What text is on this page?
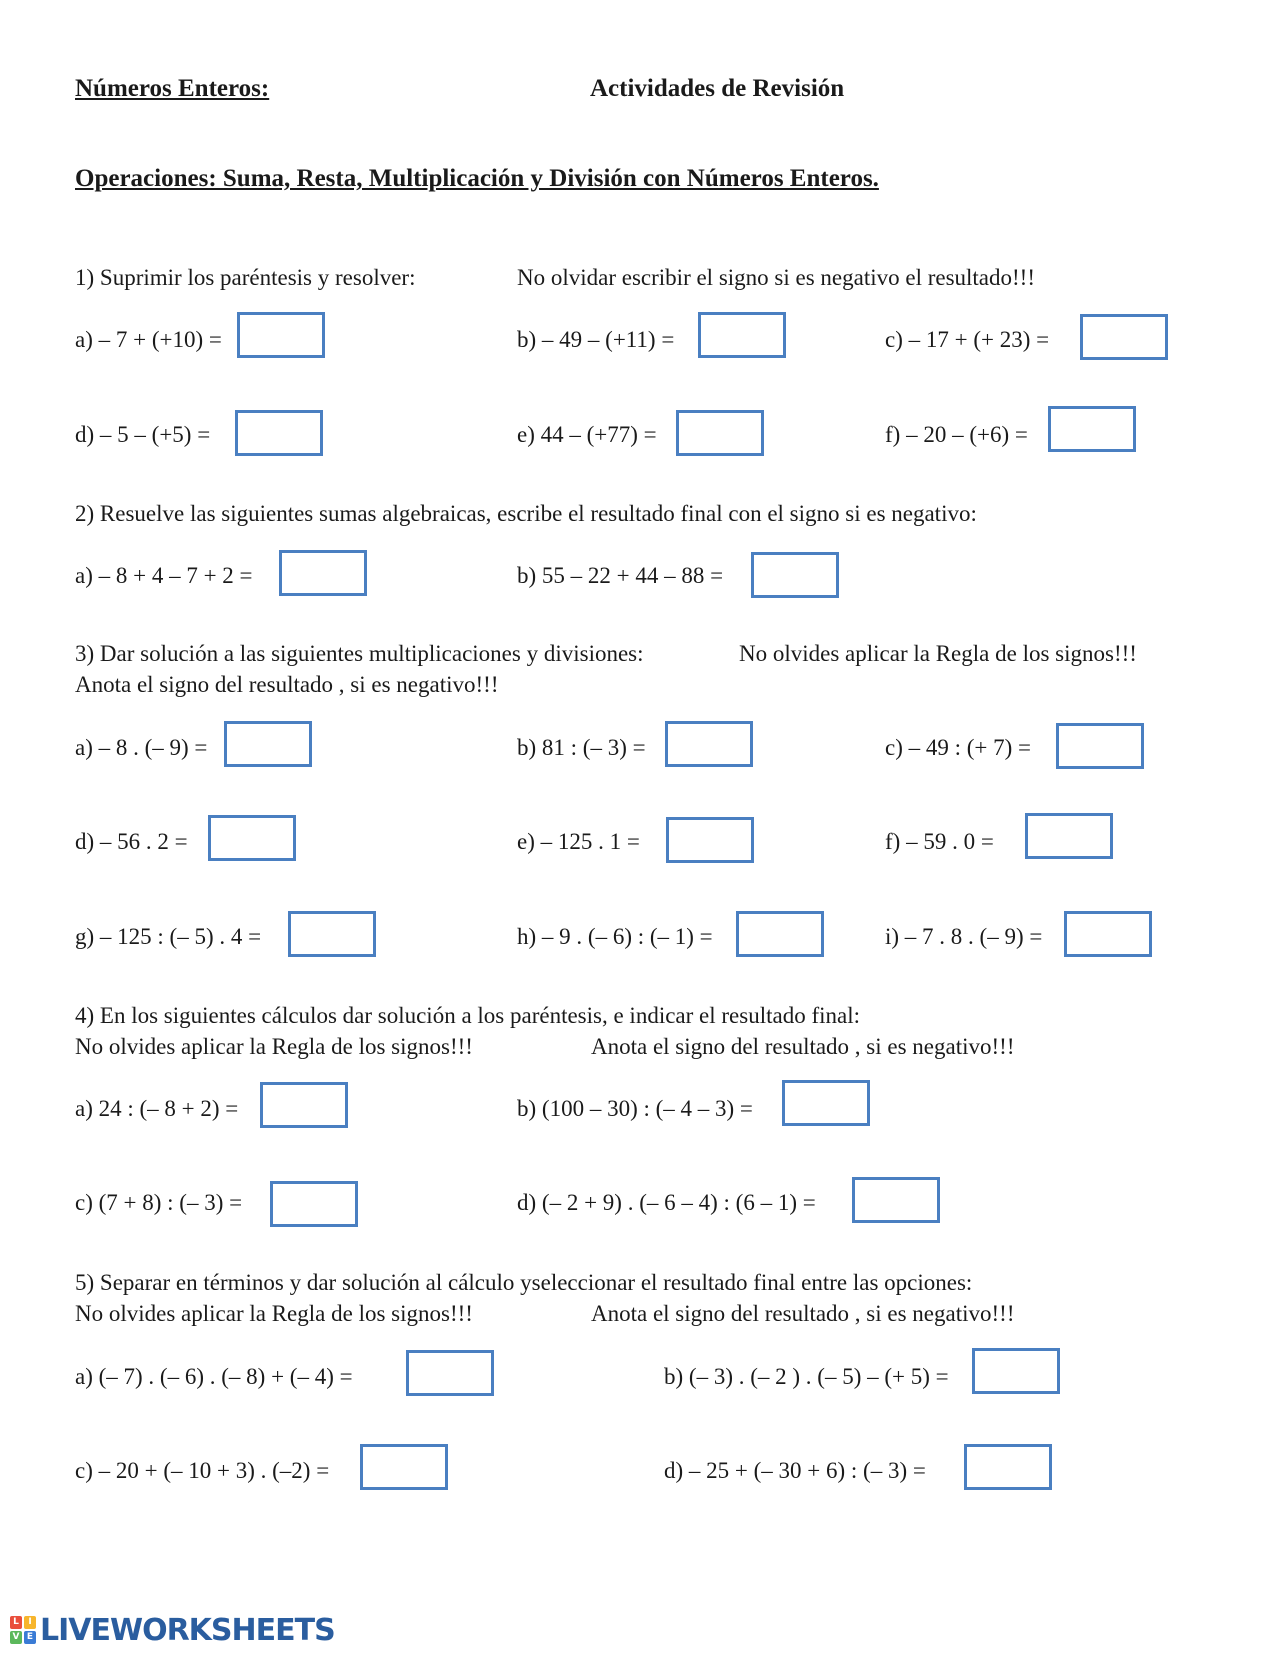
Números Enteros:	Actividades de Revisión
Operaciones: Suma, Resta, Multiplicación y División con Números Enteros.
1) Suprimir los paréntesis y resolver:	No olvidar escribir el signo si es negativo el resultado!!!
a) – 7 + (+10) =	b) – 49 – (+11) =	c) – 17 + (+ 23) =
d) – 5 – (+5) =	e) 44 – (+77) =	f) – 20 – (+6) =
2) Resuelve las siguientes sumas algebraicas, escribe el resultado final con el signo si es negativo:
a) – 8 + 4 – 7 + 2 =	b) 55 – 22 + 44 – 88 =
3) Dar solución a las siguientes multiplicaciones y divisiones:	No olvides aplicar la Regla de los signos!!!
Anota el signo del resultado , si es negativo!!!
a) – 8 . (– 9) =	b) 81 : (– 3) =	c) – 49 : (+ 7) =
d) – 56 . 2 =	e) – 125 . 1 =	f) – 59 . 0 =
g) – 125 : (– 5) . 4 =	h) – 9 . (– 6) : (– 1) =	i) – 7 . 8 . (– 9) =
4) En los siguientes cálculos dar solución a los paréntesis, e indicar el resultado final:
No olvides aplicar la Regla de los signos!!!	Anota el signo del resultado , si es negativo!!!
a) 24 : (– 8 + 2) =	b) (100 – 30) : (– 4 – 3) =
c) (7 + 8) : (– 3) =	d) (– 2 + 9) . (– 6 – 4) : (6 – 1) =
5) Separar en términos y dar solución al cálculo yseleccionar el resultado final entre las opciones:
No olvides aplicar la Regla de los signos!!!	Anota el signo del resultado , si es negativo!!!
a) (– 7) . (– 6) . (– 8) + (– 4) =	b) (– 3) . (– 2 ) . (– 5) – (+ 5) =
c) – 20 + (– 10 + 3) . (–2) =	d) – 25 + (– 30 + 6) : (– 3) =
L	I
V E LIVEWORKSHEETS
